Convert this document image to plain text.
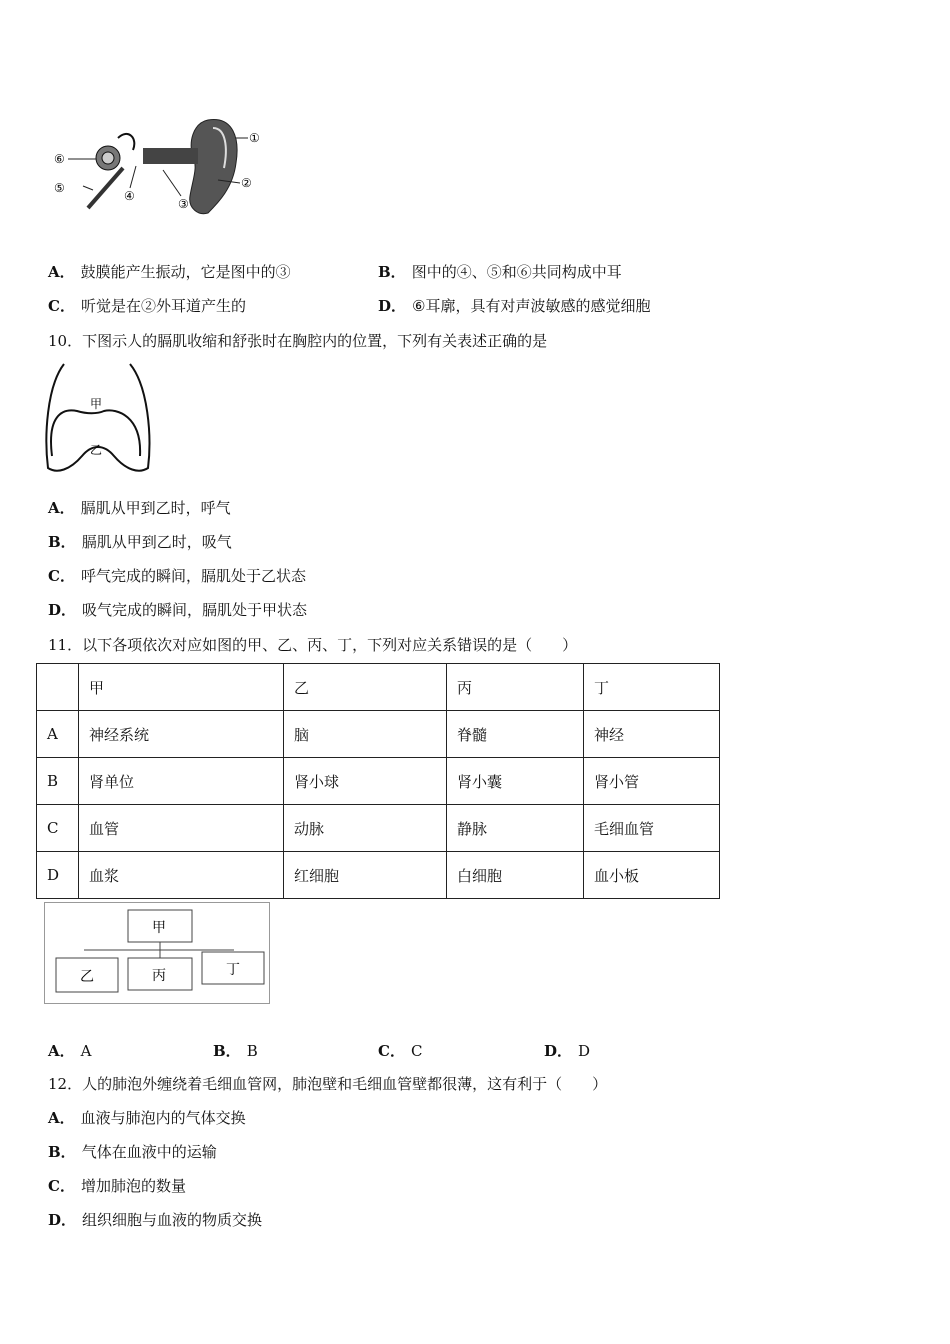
①
②
③
④
⑤
⑥
A． 鼓膜能产生振动，它是图中的③	B． 图中的④、⑤和⑥共同构成中耳
C． 听觉是在②外耳道产生的	D． ⑥耳廓，具有对声波敏感的感觉细胞
10．下图示人的膈肌收缩和舒张时在胸腔内的位置，下列有关表述正确的是
甲
乙
A． 膈肌从甲到乙时，呼气
B． 膈肌从甲到乙时，吸气
C． 呼气完成的瞬间，膈肌处于乙状态
D． 吸气完成的瞬间，膈肌处于甲状态
11．以下各项依次对应如图的甲、乙、丙、丁，下列对应关系错误的是（　　）
	甲	乙	丙	丁
A	神经系统	脑	脊髓	神经
B	肾单位	肾小球	肾小囊	肾小管
C	血管	动脉	静脉	毛细血管
D	血浆	红细胞	白细胞	血小板
甲
乙	丙	丁
A． A	B． B	C． C	D． D
12．人的肺泡外缠绕着毛细血管网，肺泡壁和毛细血管壁都很薄，这有利于（　　）
A． 血液与肺泡内的气体交换
B． 气体在血液中的运输
C． 增加肺泡的数量
D． 组织细胞与血液的物质交换
